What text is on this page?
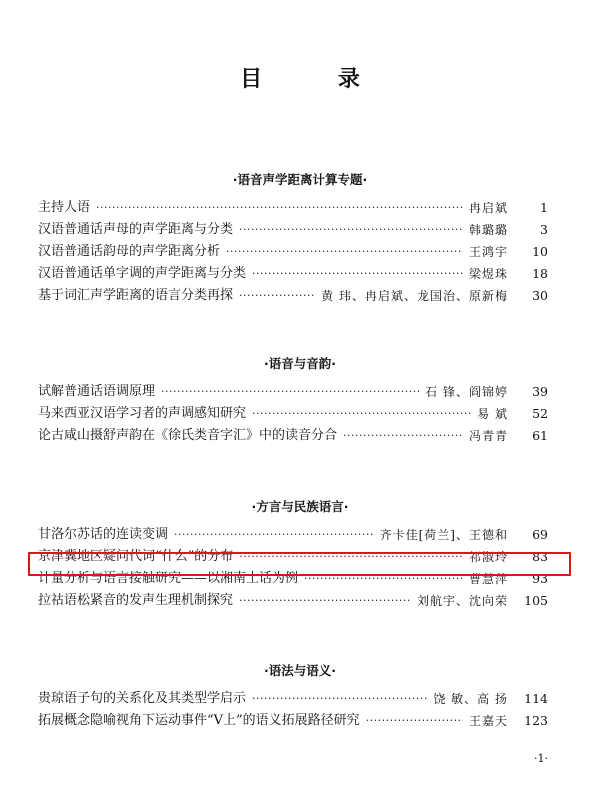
目 录
·语音声学距离计算专题·
主持人语 ·····	冉启斌	1
汉语普通话声母的声学距离与分类 ·····	韩璐璐	3
汉语普通话韵母的声学距离分析 ·····	王鸿宇	10
汉语普通话单字调的声学距离与分类 ·····	梁煜珠	18
基于词汇声学距离的语言分类再探 ·····	黄 玮、冉启斌、龙国治、原新梅	30
·语音与音韵·
试解普通话语调原理 ·····	石 锋、阎锦婷	39
马来西亚汉语学习者的声调感知研究 ·····	易 斌	52
论古咸山摄舒声韵在《徐氏类音字汇》中的读音分合 ·····	冯青青	61
·方言与民族语言·
甘洛尔苏话的连读变调 ·····	齐卡佳[荷兰]、王德和	69
京津冀地区疑问代词“什么”的分布 ·····	祁淑玲	83
计量分析与语言接触研究——以湘南土话为例 ·····	曹慧萍	93
拉祜语松紧音的发声生理机制探究 ·····	刘航宇、沈向荣	105
·语法与语义·
贵琼语子句的关系化及其类型学启示 ·····	饶 敏、高 扬	114
拓展概念隐喻视角下运动事件“V上”的语义拓展路径研究 ·····	王嘉天	123
·1·
